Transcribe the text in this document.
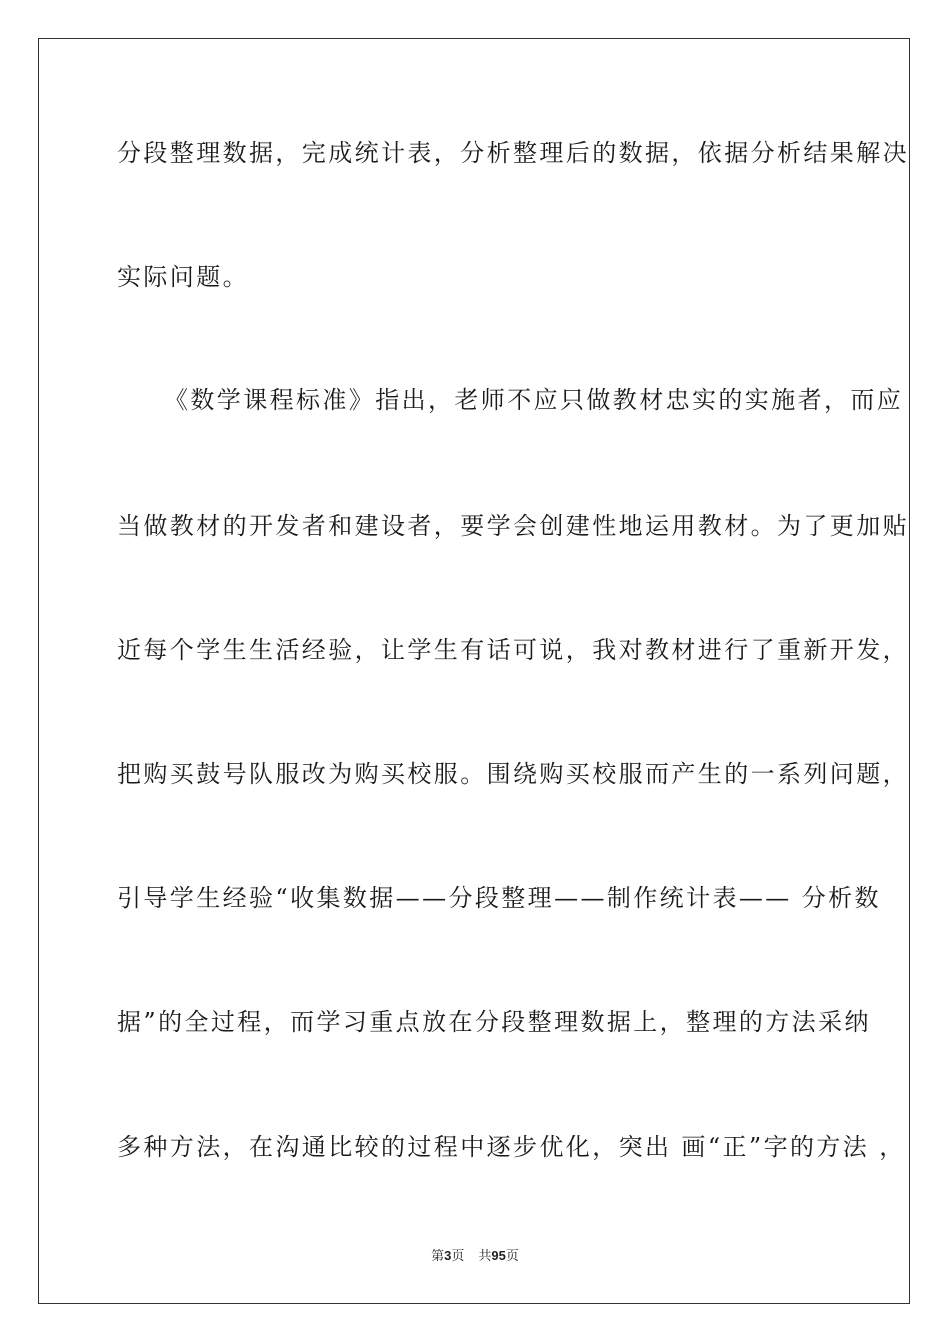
分段整理数据，完成统计表，分析整理后的数据，依据分析结果解决
实际问题。
《数学课程标准》指出，老师不应只做教材忠实的实施者，而应
当做教材的开发者和建设者，要学会创建性地运用教材。为了更加贴
近每个学生生活经验，让学生有话可说，我对教材进行了重新开发，
把购买鼓号队服改为购买校服。围绕购买校服而产生的一系列问题，
引导学生经验“收集数据——分段整理——制作统计表—— 分析数
据”的全过程，而学习重点放在分段整理数据上，整理的方法采纳
多种方法，在沟通比较的过程中逐步优化，突出 画“正”字的方法 ，
第3页 共95页
